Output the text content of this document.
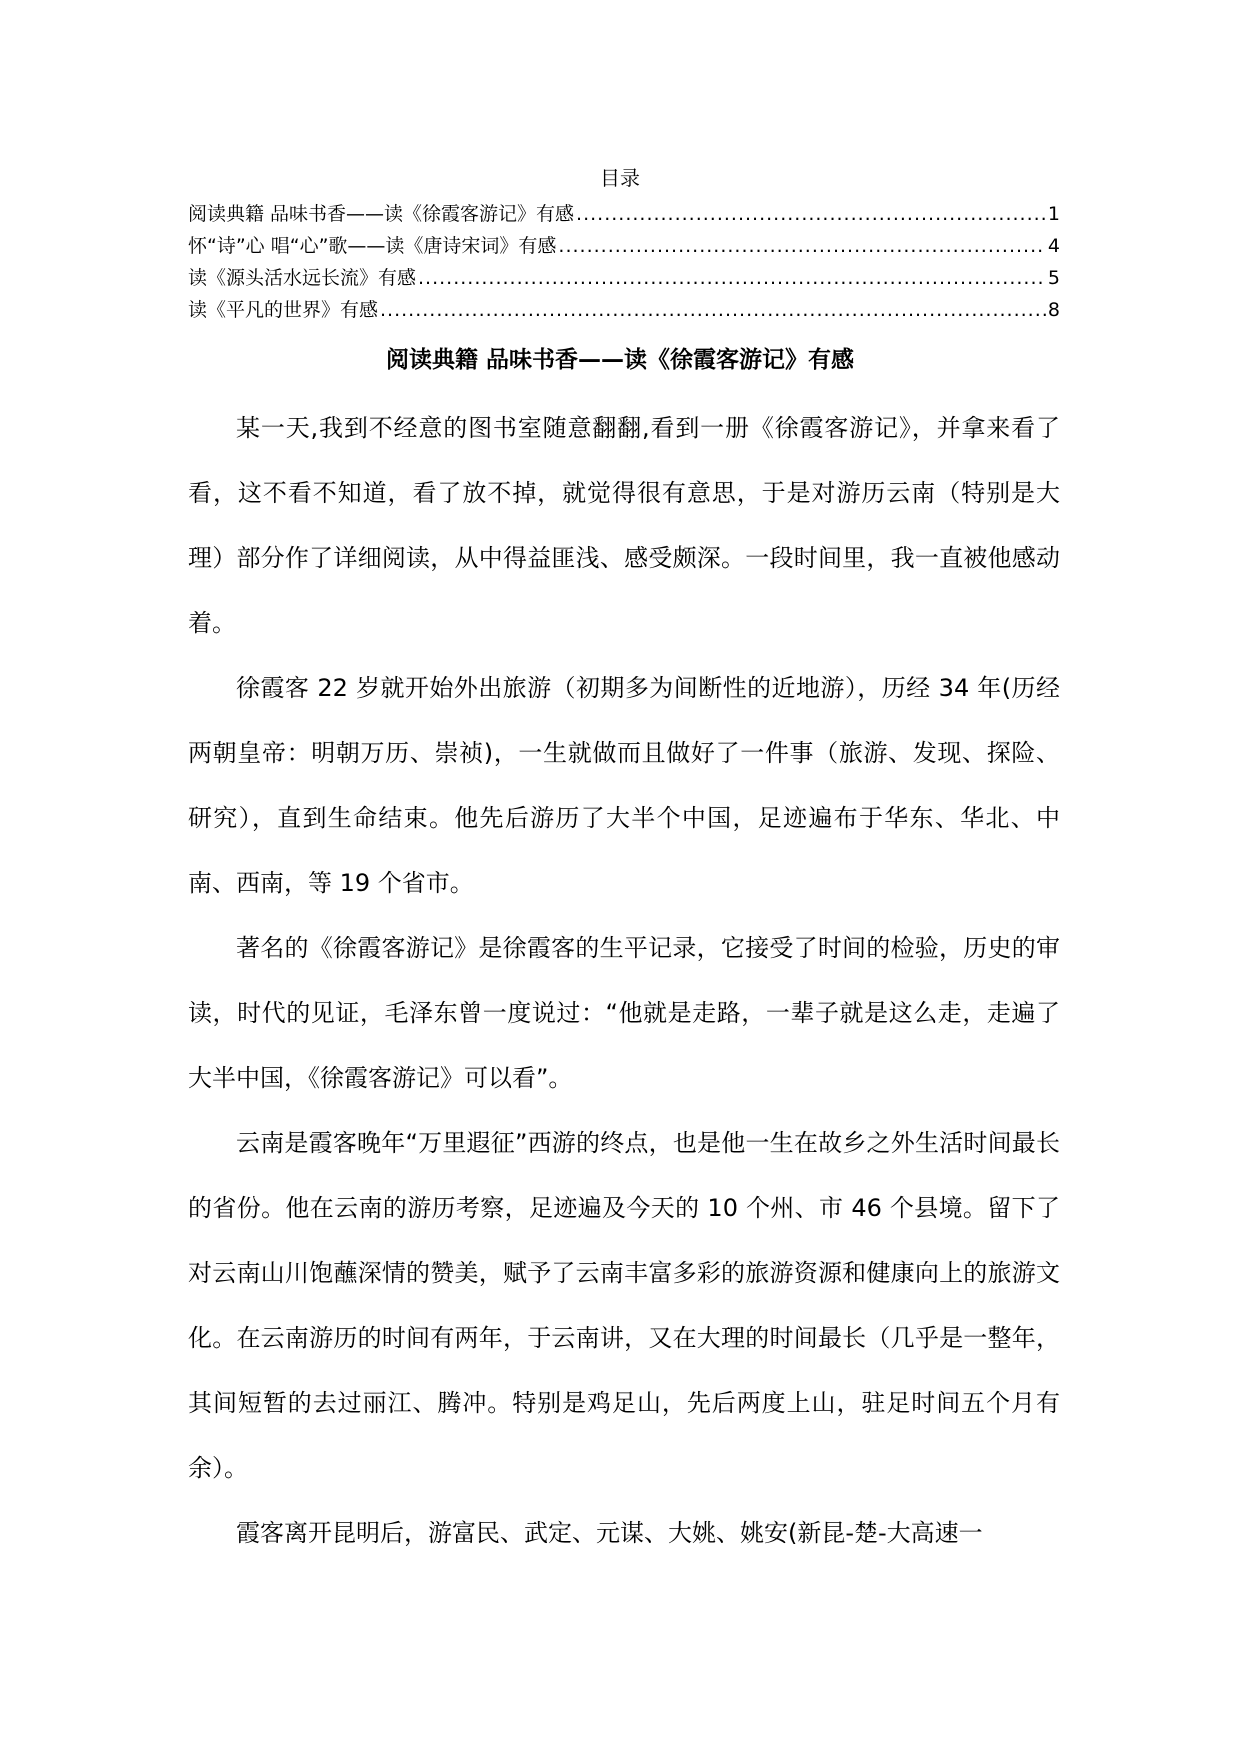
目录
阅读典籍 品味书香——读《徐霞客游记》有感 .....	1
怀“诗”心 唱“心”歌——读《唐诗宋词》有感 .....	4
读《源头活水远长流》有感 .....	5
读《平凡的世界》有感 .....	8
阅读典籍 品味书香——读《徐霞客游记》有感

某一天,我到不经意的图书室随意翻翻,看到一册《徐霞客游记》，并拿来看了看，这不看不知道，看了放不掉，就觉得很有意思，于是对游历云南（特别是大理）部分作了详细阅读，从中得益匪浅、感受颇深。一段时间里，我一直被他感动着。

徐霞客 22 岁就开始外出旅游（初期多为间断性的近地游），历经 34 年(历经两朝皇帝：明朝万历、崇祯)，一生就做而且做好了一件事（旅游、发现、探险、研究），直到生命结束。他先后游历了大半个中国，足迹遍布于华东、华北、中南、西南，等 19 个省市。

著名的《徐霞客游记》是徐霞客的生平记录，它接受了时间的检验，历史的审读，时代的见证，毛泽东曾一度说过：“他就是走路，一辈子就是这么走，走遍了大半中国，《徐霞客游记》可以看”。

云南是霞客晚年“万里遐征”西游的终点，也是他一生在故乡之外生活时间最长的省份。他在云南的游历考察，足迹遍及今天的 10 个州、市 46 个县境。留下了对云南山川饱蘸深情的赞美，赋予了云南丰富多彩的旅游资源和健康向上的旅游文化。在云南游历的时间有两年，于云南讲，又在大理的时间最长（几乎是一整年，其间短暂的去过丽江、腾冲。特别是鸡足山，先后两度上山，驻足时间五个月有余）。

霞客离开昆明后，游富民、武定、元谋、大姚、姚安(新昆-楚-大高速一
